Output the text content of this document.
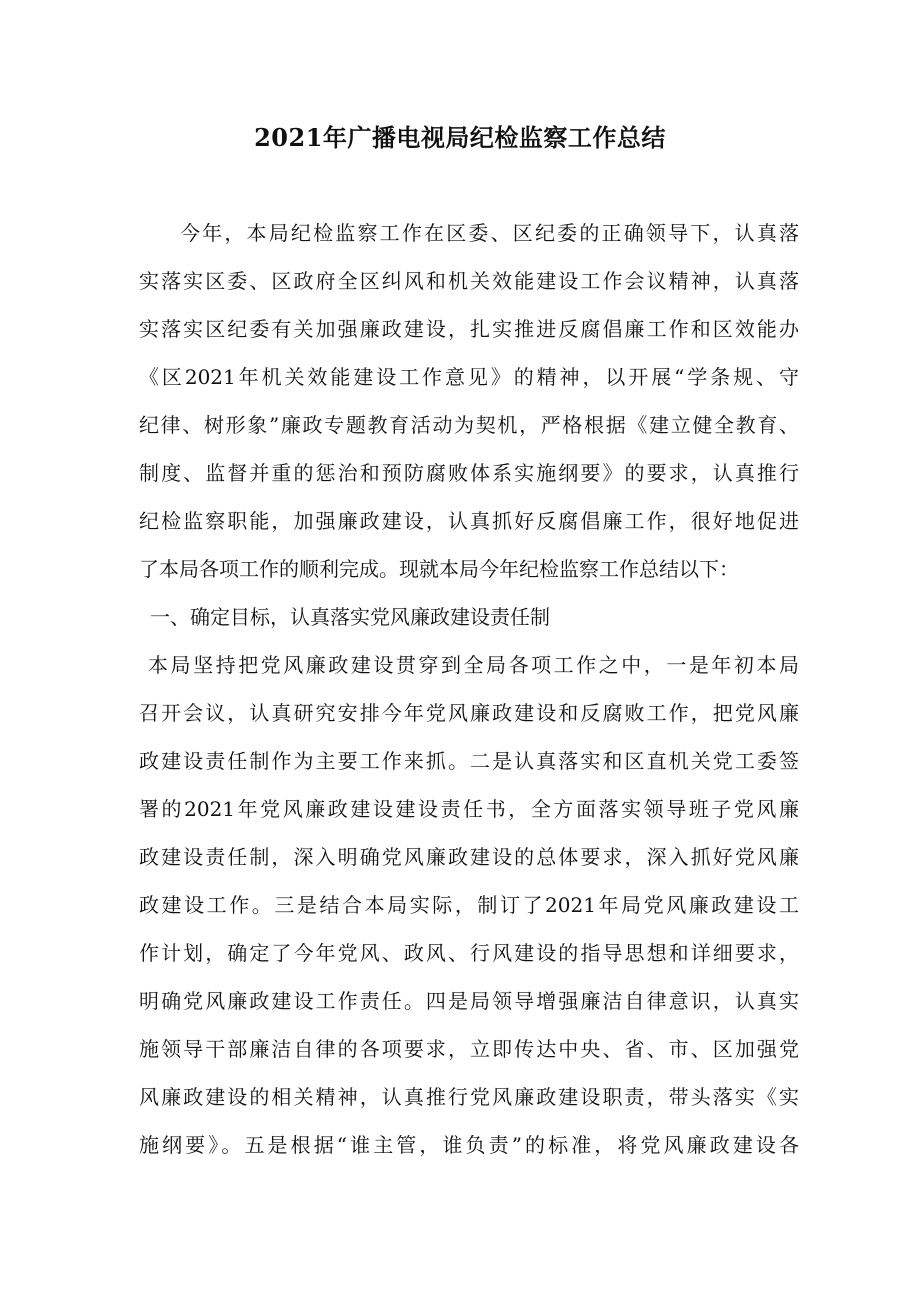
2021年广播电视局纪检监察工作总结

今年，本局纪检监察工作在区委、区纪委的正确领导下，认真落

实落实区委、区政府全区纠风和机关效能建设工作会议精神，认真落

实落实区纪委有关加强廉政建设，扎实推进反腐倡廉工作和区效能办

《区2021年机关效能建设工作意见》的精神，以开展“学条规、守

纪律、树形象”廉政专题教育活动为契机，严格根据《建立健全教育、

制度、监督并重的惩治和预防腐败体系实施纲要》的要求，认真推行

纪检监察职能，加强廉政建设，认真抓好反腐倡廉工作，很好地促进

了本局各项工作的顺利完成。现就本局今年纪检监察工作总结以下：

一、确定目标，认真落实党风廉政建设责任制

本局坚持把党风廉政建设贯穿到全局各项工作之中，一是年初本局

召开会议，认真研究安排今年党风廉政建设和反腐败工作，把党风廉

政建设责任制作为主要工作来抓。二是认真落实和区直机关党工委签

署的2021年党风廉政建设建设责任书，全方面落实领导班子党风廉

政建设责任制，深入明确党风廉政建设的总体要求，深入抓好党风廉

政建设工作。三是结合本局实际，制订了2021年局党风廉政建设工

作计划，确定了今年党风、政风、行风建设的指导思想和详细要求，

明确党风廉政建设工作责任。四是局领导增强廉洁自律意识，认真实

施领导干部廉洁自律的各项要求，立即传达中央、省、市、区加强党

风廉政建设的相关精神，认真推行党风廉政建设职责，带头落实《实

施纲要》。五是根据“谁主管，谁负责”的标准，将党风廉政建设各
